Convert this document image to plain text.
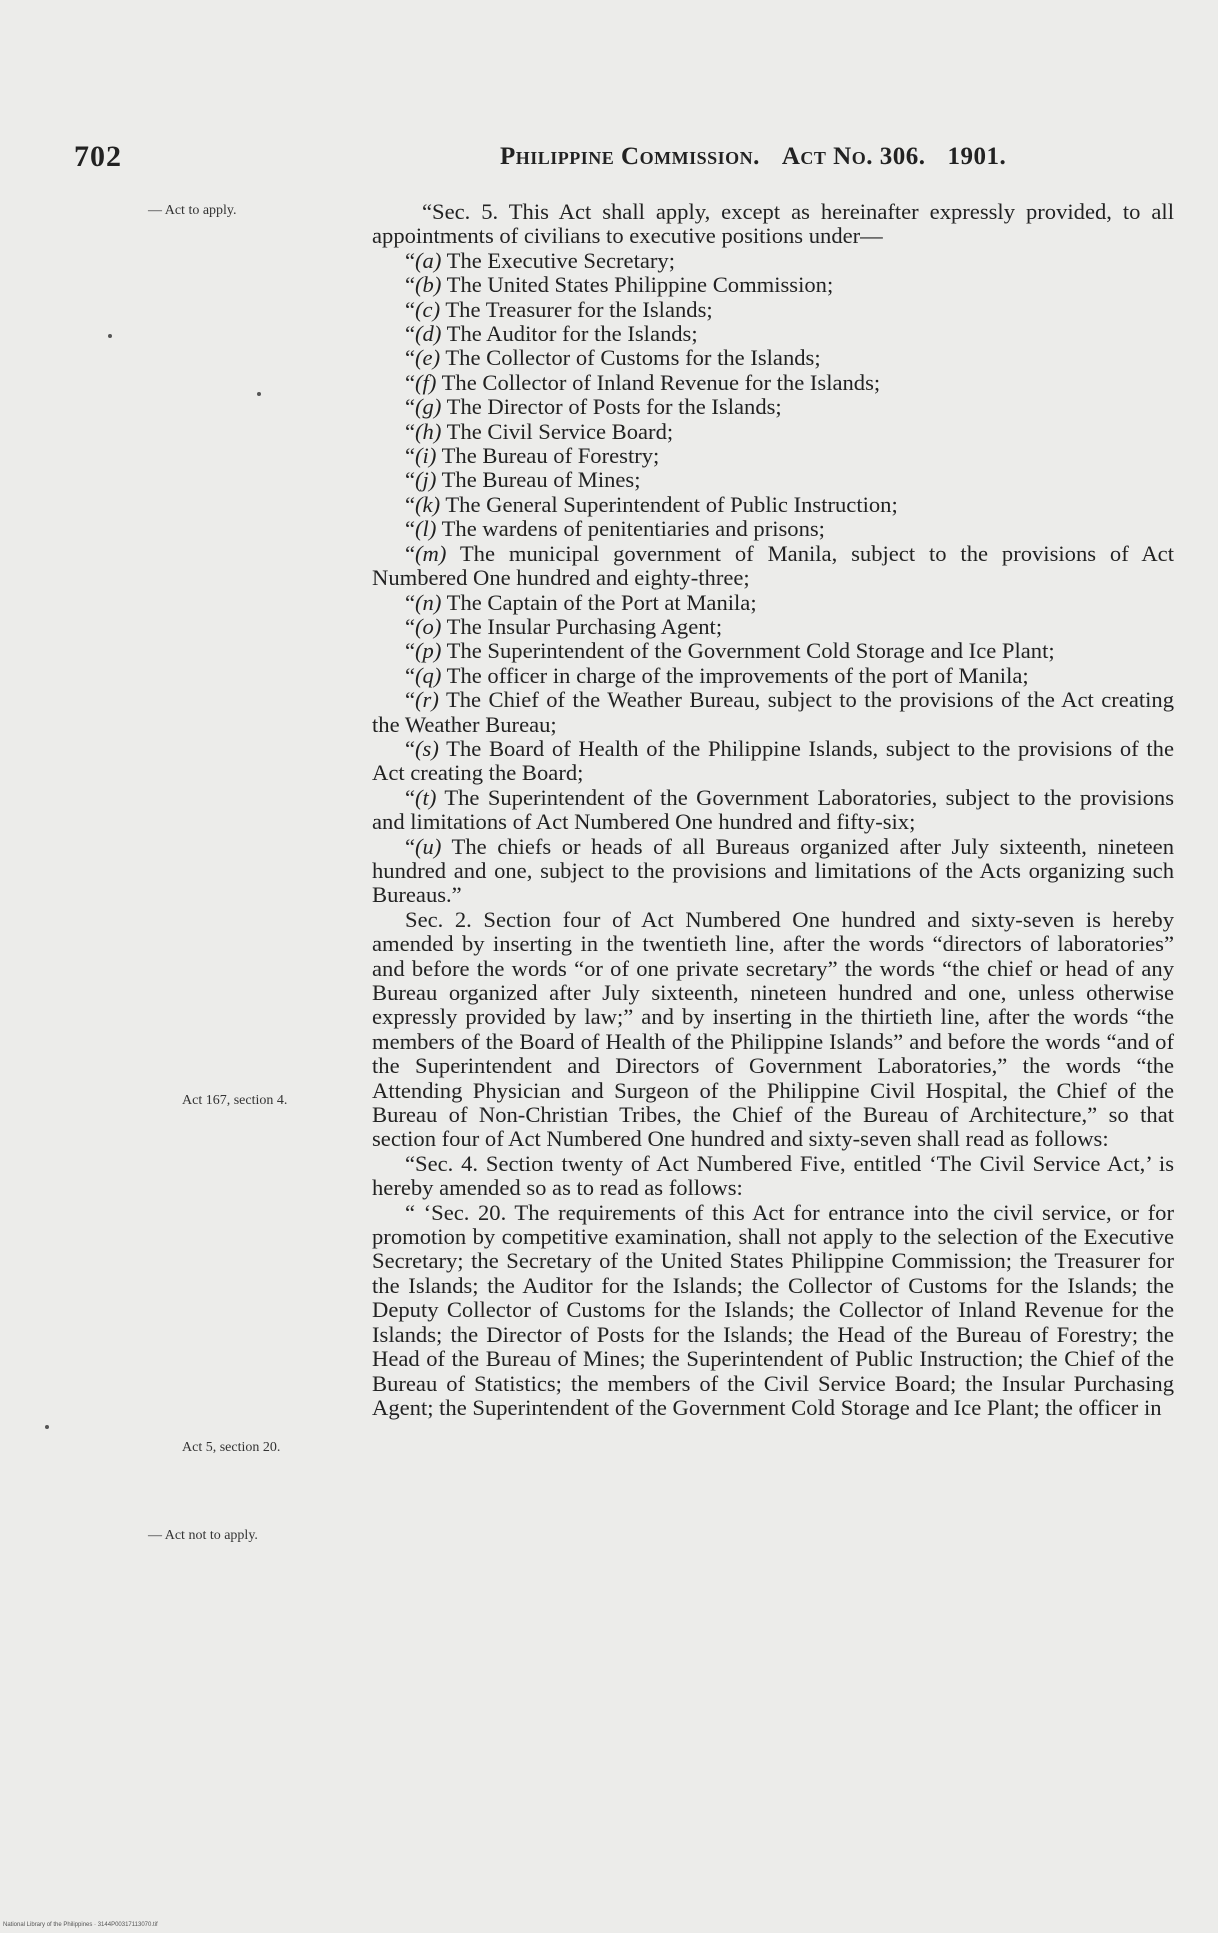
702	Philippine Commission. Act No. 306. 1901.
— Act to apply.
Act 167, section 4.
Act 5, section 20.
— Act not to apply.

“Sec. 5. This Act shall apply, except as hereinafter expressly provided, to all appointments of civilians to executive positions under—

“(a) The Executive Secretary;

“(b) The United States Philippine Commission;

“(c) The Treasurer for the Islands;

“(d) The Auditor for the Islands;

“(e) The Collector of Customs for the Islands;

“(f) The Collector of Inland Revenue for the Islands;

“(g) The Director of Posts for the Islands;

“(h) The Civil Service Board;

“(i) The Bureau of Forestry;

“(j) The Bureau of Mines;

“(k) The General Superintendent of Public Instruction;

“(l) The wardens of penitentiaries and prisons;

“(m) The municipal government of Manila, subject to the provisions of Act Numbered One hundred and eighty-three;

“(n) The Captain of the Port at Manila;

“(o) The Insular Purchasing Agent;

“(p) The Superintendent of the Government Cold Storage and Ice Plant;

“(q) The officer in charge of the improvements of the port of Manila;

“(r) The Chief of the Weather Bureau, subject to the provisions of the Act creating the Weather Bureau;

“(s) The Board of Health of the Philippine Islands, subject to the provisions of the Act creating the Board;

“(t) The Superintendent of the Government Laboratories, subject to the provisions and limitations of Act Numbered One hundred and fifty-six;

“(u) The chiefs or heads of all Bureaus organized after July sixteenth, nineteen hundred and one, subject to the provisions and limitations of the Acts organizing such Bureaus.”

Sec. 2. Section four of Act Numbered One hundred and sixty-seven is hereby amended by inserting in the twentieth line, after the words “directors of laboratories” and before the words “or of one private secretary” the words “the chief or head of any Bureau organized after July sixteenth, nineteen hundred and one, unless otherwise expressly provided by law;” and by inserting in the thirtieth line, after the words “the members of the Board of Health of the Philippine Islands” and before the words “and of the Superintendent and Directors of Government Laboratories,” the words “the Attending Physician and Surgeon of the Philippine Civil Hospital, the Chief of the Bureau of Non-Christian Tribes, the Chief of the Bureau of Architecture,” so that section four of Act Numbered One hundred and sixty-seven shall read as follows:

“Sec. 4. Section twenty of Act Numbered Five, entitled ‘The Civil Service Act,’ is hereby amended so as to read as follows:

“ ‘Sec. 20. The requirements of this Act for entrance into the civil service, or for promotion by competitive examination, shall not apply to the selection of the Executive Secretary; the Secretary of the United States Philippine Commission; the Treasurer for the Islands; the Auditor for the Islands; the Collector of Customs for the Islands; the Deputy Collector of Customs for the Islands; the Collector of Inland Revenue for the Islands; the Director of Posts for the Islands; the Head of the Bureau of Forestry; the Head of the Bureau of Mines; the Superintendent of Public Instruction; the Chief of the Bureau of Statistics; the members of the Civil Service Board; the Insular Purchasing Agent; the Superintendent of the Government Cold Storage and Ice Plant; the officer in

National Library of the Philippines · 3144P00317113070.tif
